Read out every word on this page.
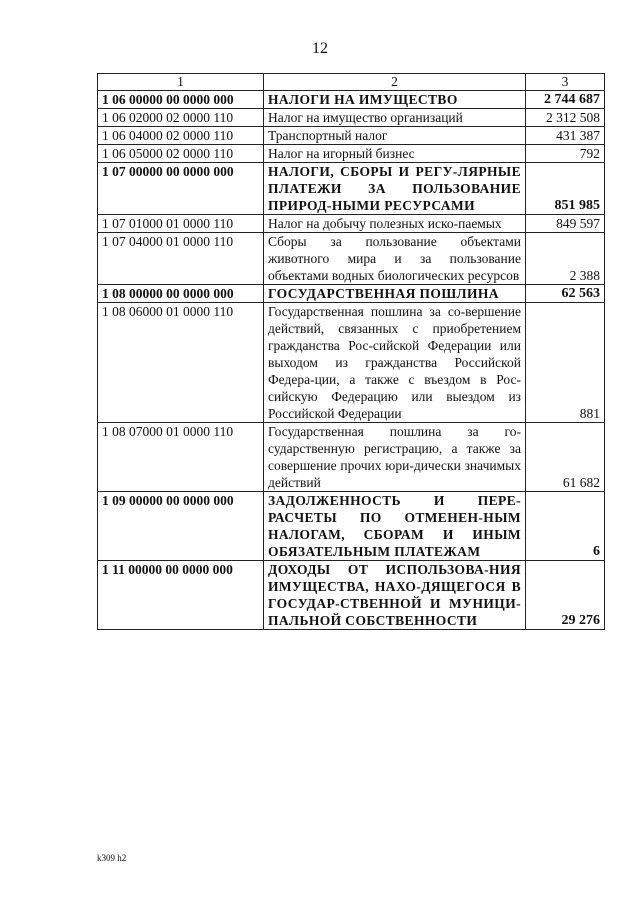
12
1	2	3
1 06 00000 00 0000 000	НАЛОГИ НА ИМУЩЕСТВО	2 744 687
1 06 02000 02 0000 110	Налог на имущество организаций	2 312 508
1 06 04000 02 0000 110	Транспортный налог	431 387
1 06 05000 02 0000 110	Налог на игорный бизнес	792
1 07 00000 00 0000 000	НАЛОГИ, СБОРЫ И РЕГУ-ЛЯРНЫЕ ПЛАТЕЖИ ЗА ПОЛЬЗОВАНИЕ ПРИРОД-НЫМИ РЕСУРСАМИ	851 985
1 07 01000 01 0000 110	Налог на добычу полезных иско-паемых	849 597
1 07 04000 01 0000 110	Сборы за пользование объектами животного мира и за пользование объектами водных биологических ресурсов	2 388
1 08 00000 00 0000 000	ГОСУДАРСТВЕННАЯ ПОШЛИНА	62 563
1 08 06000 01 0000 110	Государственная пошлина за со-вершение действий, связанных с приобретением гражданства Рос-сийской Федерации или выходом из гражданства Российской Федера-ции, а также с въездом в Рос-сийскую Федерацию или выездом из Российской Федерации	881
1 08 07000 01 0000 110	Государственная пошлина за го-сударственную регистрацию, а также за совершение прочих юри-дически значимых действий	61 682
1 09 00000 00 0000 000	ЗАДОЛЖЕННОСТЬ И ПЕРЕ-РАСЧЕТЫ ПО ОТМЕНЕН-НЫМ НАЛОГАМ, СБОРАМ И ИНЫМ ОБЯЗАТЕЛЬНЫМ ПЛАТЕЖАМ	6
1 11 00000 00 0000 000	ДОХОДЫ ОТ ИСПОЛЬЗОВА-НИЯ ИМУЩЕСТВА, НАХО-ДЯЩЕГОСЯ В ГОСУДАР-СТВЕННОЙ И МУНИЦИ-ПАЛЬНОЙ СОБСТВЕННОСТИ	29 276
k309 h2
